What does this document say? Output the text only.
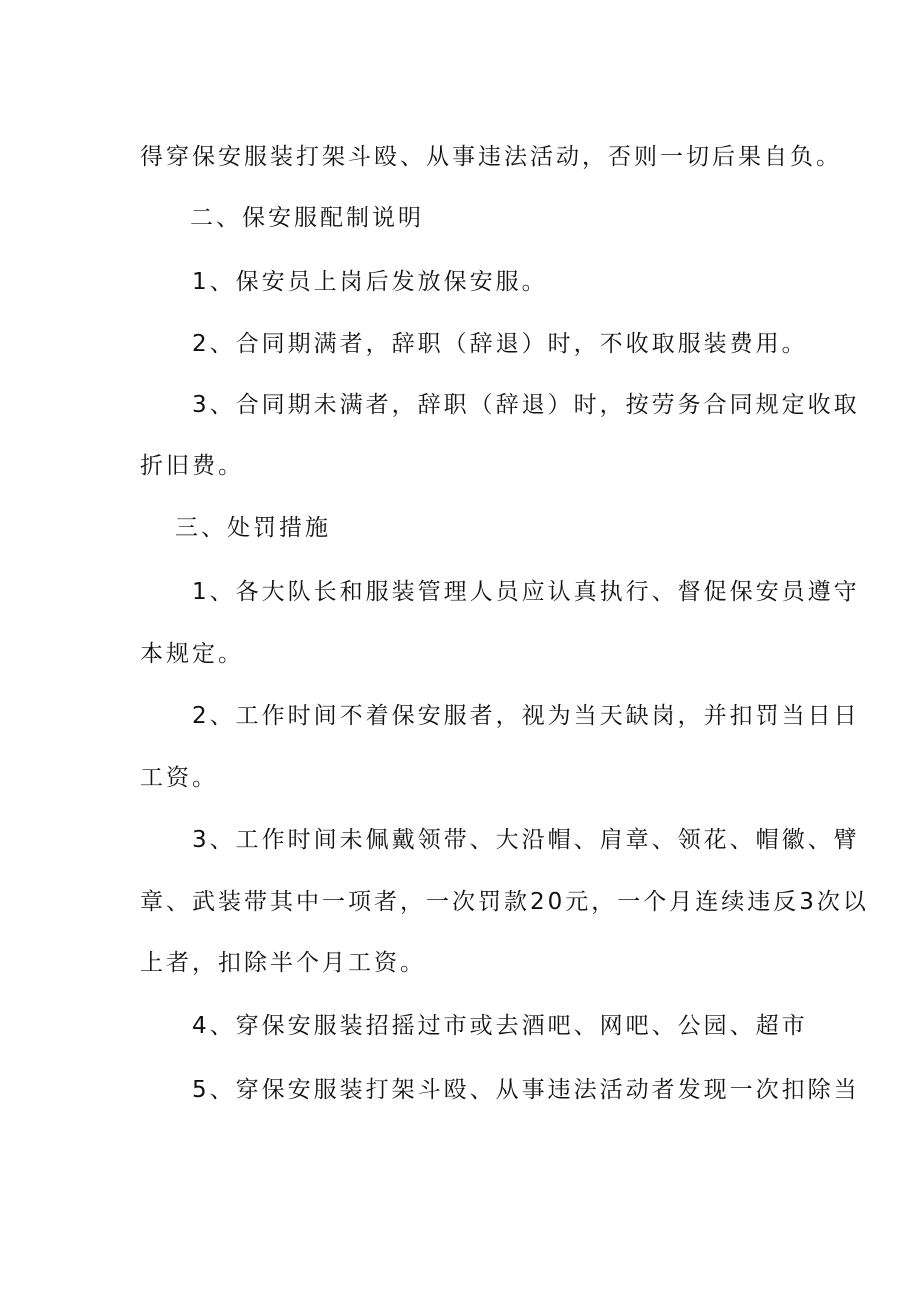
得穿保安服装打架斗殴、从事违法活动，否则一切后果自负。
二、保安服配制说明
1、保安员上岗后发放保安服。
2、合同期满者，辞职（辞退）时，不收取服装费用。
3、合同期未满者，辞职（辞退）时，按劳务合同规定收取
折旧费。
三、处罚措施
1、各大队长和服装管理人员应认真执行、督促保安员遵守
本规定。
2、工作时间不着保安服者，视为当天缺岗，并扣罚当日日
工资。
3、工作时间未佩戴领带、大沿帽、肩章、领花、帽徽、臂
章、武装带其中一项者，一次罚款20元，一个月连续违反3次以
上者，扣除半个月工资。
4、穿保安服装招摇过市或去酒吧、网吧、公园、超市
5、穿保安服装打架斗殴、从事违法活动者发现一次扣除当
